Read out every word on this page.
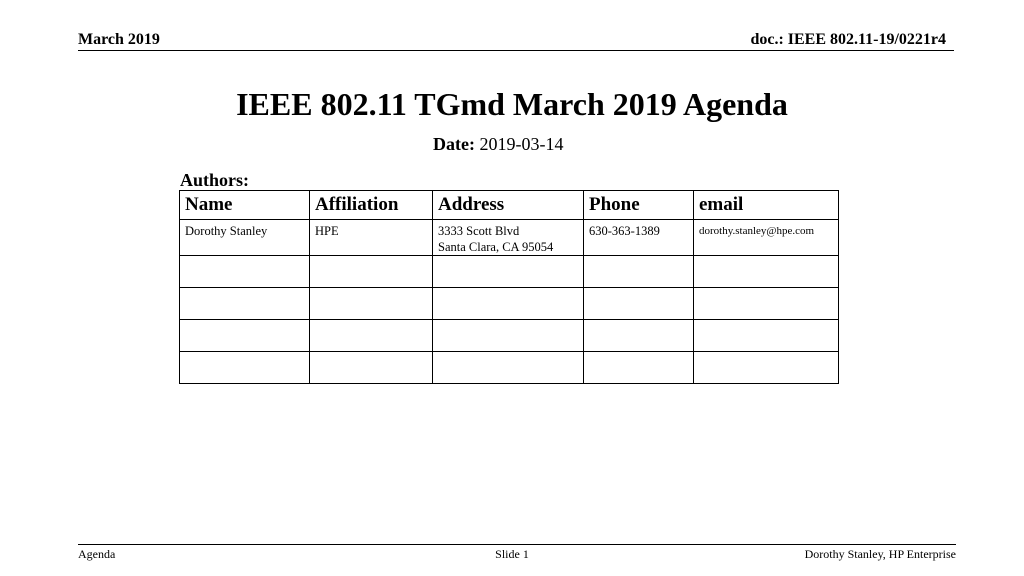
March 2019	doc.: IEEE 802.11-19/0221r4
IEEE 802.11 TGmd March 2019 Agenda
Date: 2019-03-14
Authors:
Name	Affiliation	Address	Phone	email
Dorothy Stanley	HPE	3333 Scott Blvd
Santa Clara, CA 95054	630-363-1389	dorothy.stanley@hpe.com

Agenda	Slide 1	Dorothy Stanley, HP Enterprise
